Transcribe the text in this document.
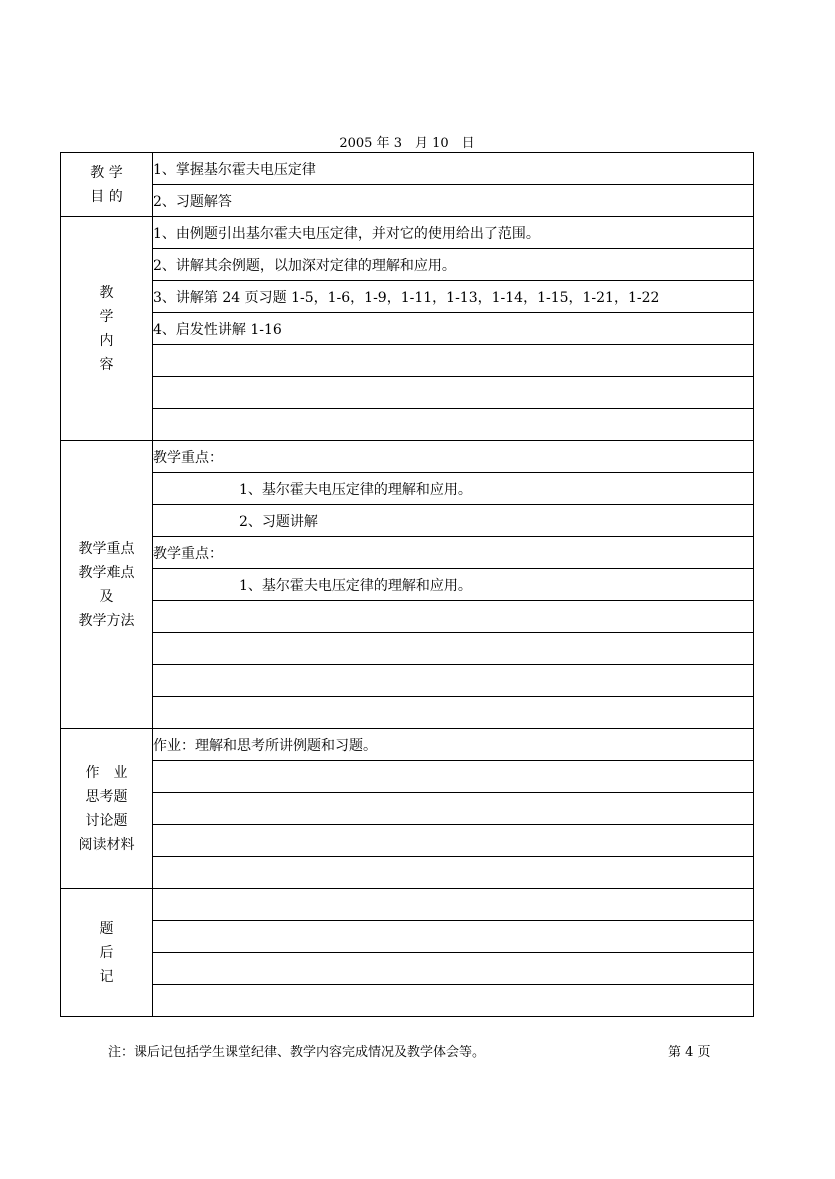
2005 年 3　月 10　日
教 学
目 的	1、掌握基尔霍夫电压定律
	2、习题解答

教
学
内
容	1、由例题引出基尔霍夫电压定律，并对它的使用给出了范围。
	2、讲解其余例题，以加深对定律的理解和应用。
	3、讲解第 24 页习题 1-5，1-6，1-9，1-11，1-13，1-14，1-15，1-21，1-22
	4、启发性讲解 1-16

教学重点
教学难点
及
教学方法	教学重点：
	1、基尔霍夫电压定律的理解和应用。
	2、习题讲解
	教学重点：
	1、基尔霍夫电压定律的理解和应用。

作　业
思考题
讨论题
阅读材料	作业：理解和思考所讲例题和习题。

题
后
记	

注：课后记包括学生课堂纪律、教学内容完成情况及教学体会等。	第 4 页
